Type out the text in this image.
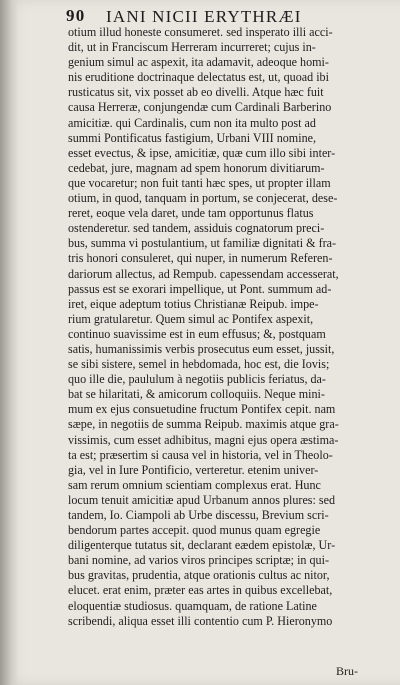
90 IANI NICII ERYTHRÆI
otium illud honeste consumeret. sed insperato illi acci-
dit, ut in Franciscum Herreram incurreret; cujus in-
genium simul ac aspexit, ita adamavit, adeoque homi-
nis eruditione doctrinaque delectatus est, ut, quoad ibi
rusticatus sit, vix posset ab eo divelli. Atque hæc fuit
causa Herreræ, conjungendæ cum Cardinali Barberino
amicitiæ. qui Cardinalis, cum non ita multo post ad
summi Pontificatus fastigium, Urbani VIII nomine,
esset evectus, & ipse, amicitiæ, quæ cum illo sibi inter-
cedebat, jure, magnam ad spem honorum divitiarum-
que vocaretur; non fuit tanti hæc spes, ut propter illam
otium, in quod, tanquam in portum, se conjecerat, dese-
reret, eoque vela daret, unde tam opportunus flatus
ostenderetur. sed tandem, assiduis cognatorum preci-
bus, summa vi postulantium, ut familiæ dignitati & fra-
tris honori consuleret, qui nuper, in numerum Referen-
dariorum allectus, ad Rempub. capessendam accesserat,
passus est se exorari impellique, ut Pont. summum ad-
iret, eique adeptum totius Christianæ Reipub. impe-
rium gratularetur. Quem simul ac Pontifex aspexit,
continuo suavissime est in eum effusus; &, postquam
satis, humanissimis verbis prosecutus eum esset, jussit,
se sibi sistere, semel in hebdomada, hoc est, die Iovis;
quo ille die, paululum à negotiis publicis feriatus, da-
bat se hilaritati, & amicorum colloquiis. Neque mini-
mum ex ejus consuetudine fructum Pontifex cepit. nam
sæpe, in negotiis de summa Reipub. maximis atque gra-
vissimis, cum esset adhibitus, magni ejus opera æstima-
ta est; præsertim si causa vel in historia, vel in Theolo-
gia, vel in Iure Pontificio, verteretur. etenim univer-
sam rerum omnium scientiam complexus erat. Hunc
locum tenuit amicitiæ apud Urbanum annos plures: sed
tandem, Io. Ciampoli ab Urbe discessu, Brevium scri-
bendorum partes accepit. quod munus quam egregie
diligenterque tutatus sit, declarant eædem epistolæ, Ur-
bani nomine, ad varios viros principes scriptæ; in qui-
bus gravitas, prudentia, atque orationis cultus ac nitor,
elucet. erat enim, præter eas artes in quibus excellebat,
eloquentiæ studiosus. quamquam, de ratione Latine
scribendi, aliqua esset illi contentio cum P. Hieronymo
Bru-
